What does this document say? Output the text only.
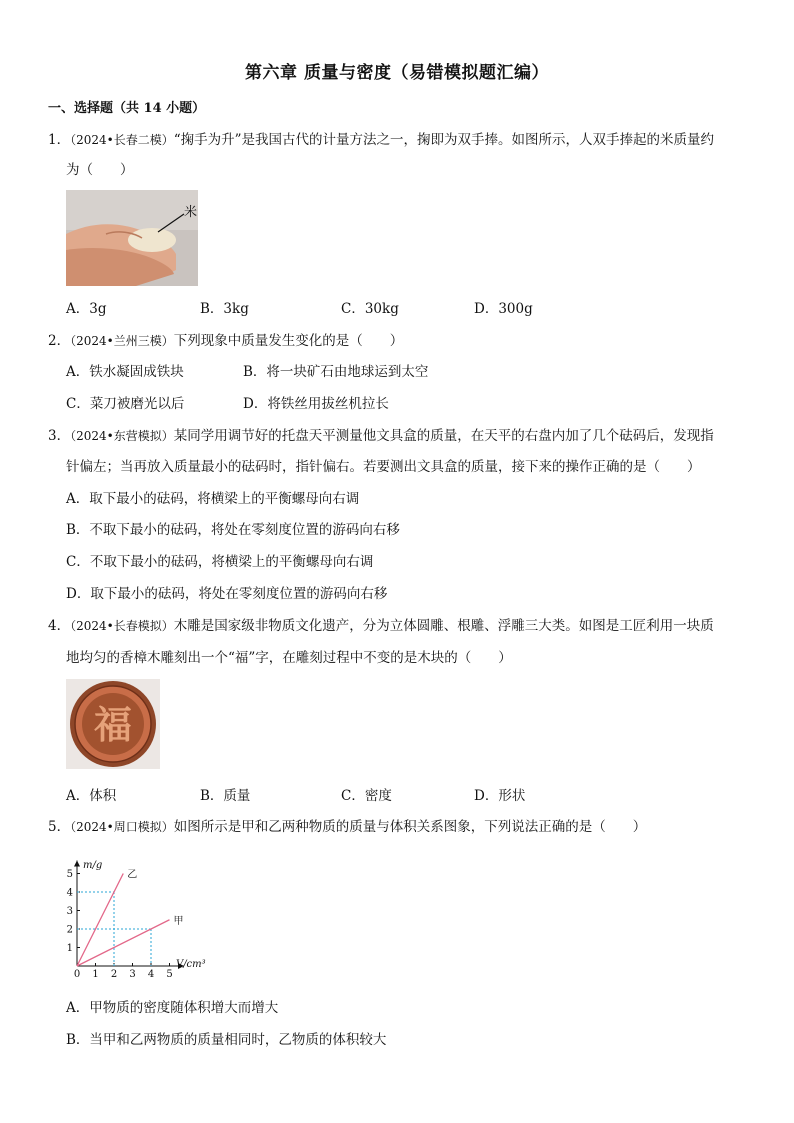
第六章 质量与密度（易错模拟题汇编）
一、选择题（共 14 小题）
1．（2024•长春二模）“掬手为升”是我国古代的计量方法之一，掬即为双手捧。如图所示，人双手捧起的米质量约
为（　　）
米
A．3g	B．3kg	C．30kg	D．300g
2．（2024•兰州三模）下列现象中质量发生变化的是（　　）
A．铁水凝固成铁块	B．将一块矿石由地球运到太空
C．菜刀被磨光以后	D．将铁丝用拔丝机拉长
3．（2024•东营模拟）某同学用调节好的托盘天平测量他文具盒的质量，在天平的右盘内加了几个砝码后，发现指
针偏左；当再放入质量最小的砝码时，指针偏右。若要测出文具盒的质量，接下来的操作正确的是（　　）
A．取下最小的砝码，将横梁上的平衡螺母向右调
B．不取下最小的砝码，将处在零刻度位置的游码向右移
C．不取下最小的砝码，将横梁上的平衡螺母向右调
D．取下最小的砝码，将处在零刻度位置的游码向右移
4．（2024•长春模拟）木雕是国家级非物质文化遗产，分为立体圆雕、根雕、浮雕三大类。如图是工匠利用一块质
地均匀的香樟木雕刻出一个“福”字，在雕刻过程中不变的是木块的（　　）
福
A．体积	B．质量	C．密度	D．形状
5．（2024•周口模拟）如图所示是甲和乙两种物质的质量与体积关系图象，下列说法正确的是（　　）
0 1 2 3 4 5
1
2
3
4
5
m/g
V/cm³
乙
甲
A．甲物质的密度随体积增大而增大
B．当甲和乙两物质的质量相同时，乙物质的体积较大
